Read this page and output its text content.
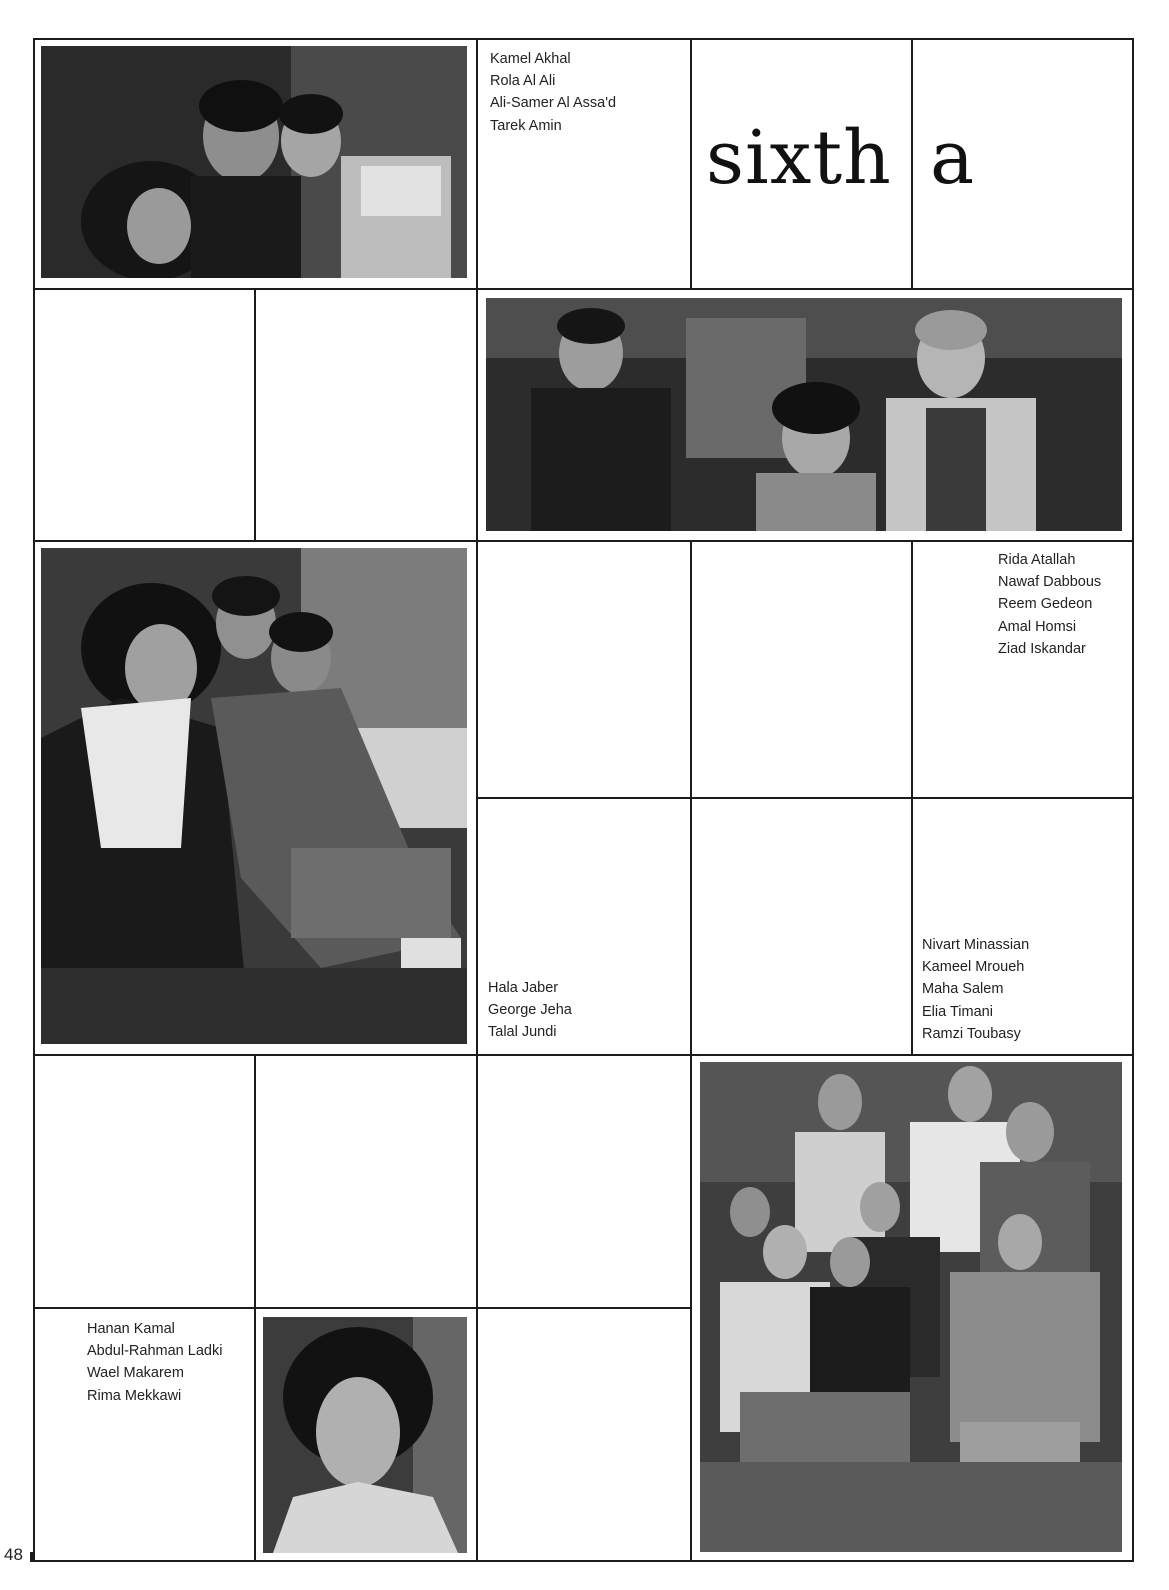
Kamel Akhal
Rola Al Ali
Ali-Samer Al Assa'd
Tarek Amin	sixth a
Rida Atallah
Nawaf Dabbous
Reem Gedeon
Amal Homsi
Ziad Iskandar
Hala Jaber
George Jeha
Talal Jundi
Nivart Minassian
Kameel Mroueh
Maha Salem
Elia Timani
Ramzi Toubasy
Hanan Kamal
Abdul-Rahman Ladki
Wael Makarem
Rima Mekkawi
48
